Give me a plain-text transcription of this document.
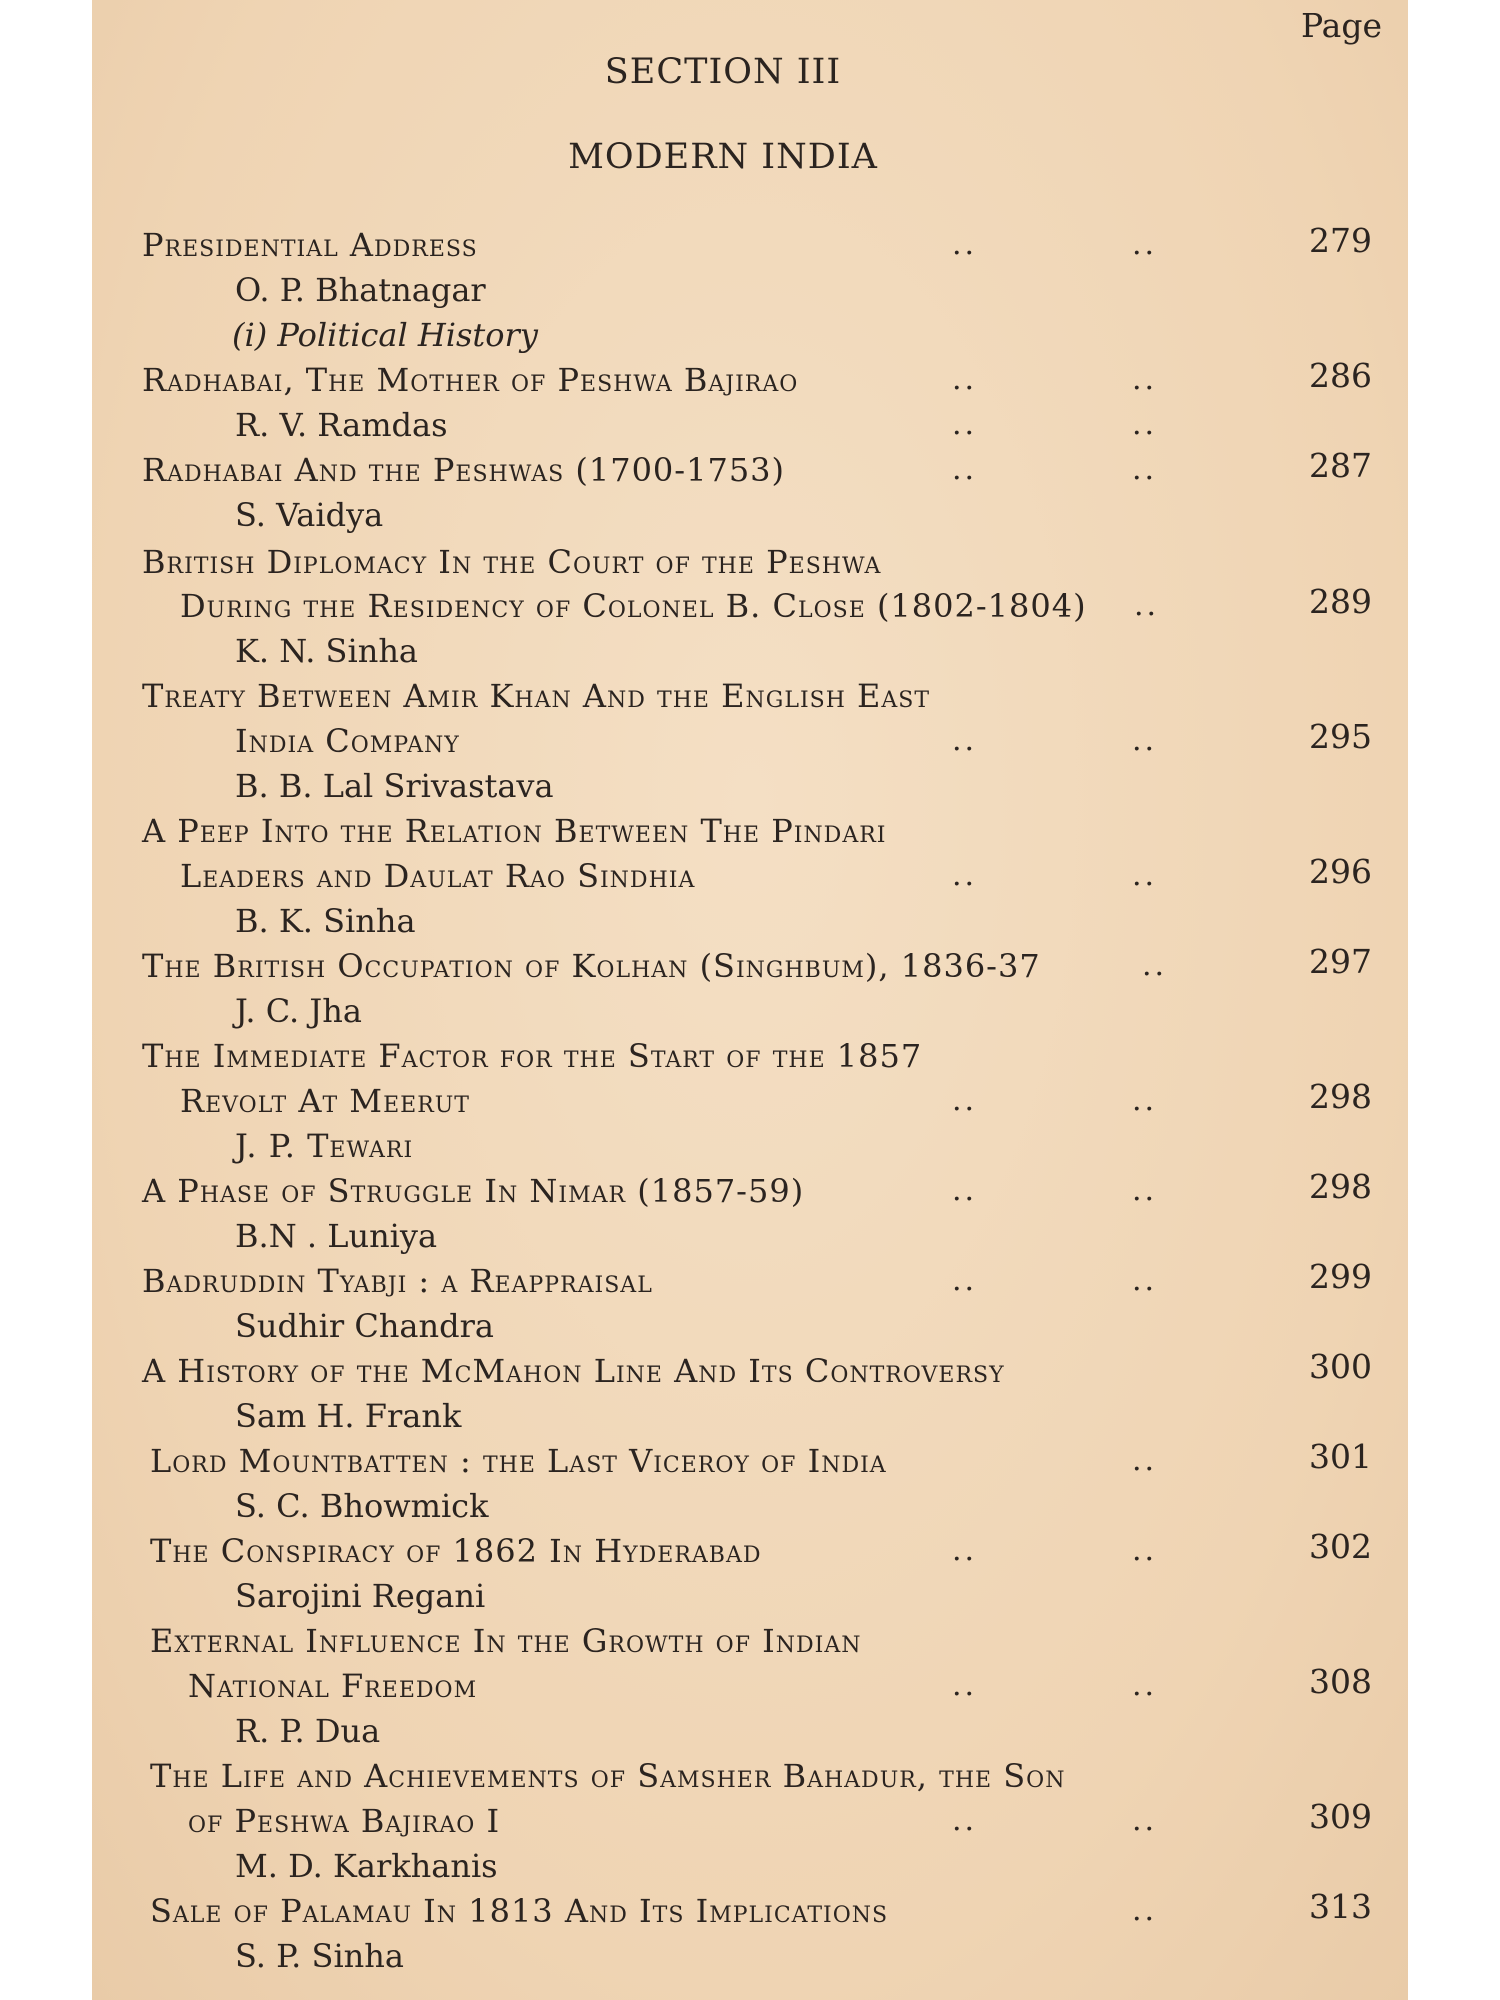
Page
SECTION III
MODERN INDIA
Presidential Address	..	..	279
O. P. Bhatnagar
(i) Political History
Radhabai, The Mother of Peshwa Bajirao	..	..	286
R. V. Ramdas	..	..
Radhabai And the Peshwas (1700-1753)	..	..	287
S. Vaidya
British Diplomacy In the Court of the Peshwa
During the Residency of Colonel B. Close (1802-1804) ..	289
K. N. Sinha
Treaty Between Amir Khan And the English East
India Company	..	..	295
B. B. Lal Srivastava
A Peep Into the Relation Between The Pindari
Leaders and Daulat Rao Sindhia	..	..	296
B. K. Sinha
The British Occupation of Kolhan (Singhbum), 1836-37	..	297
J. C. Jha
The Immediate Factor for the Start of the 1857
Revolt At Meerut	..	..	298
J. P. Tewari
A Phase of Struggle In Nimar (1857-59)	..	..	298
B.N . Luniya
Badruddin Tyabji : a Reappraisal	..	..	299
Sudhir Chandra
A History of the McMahon Line And Its Controversy	300
Sam H. Frank
Lord Mountbatten : the Last Viceroy of India	..	301
S. C. Bhowmick
The Conspiracy of 1862 In Hyderabad	..	..	302
Sarojini Regani
External Influence In the Growth of Indian
National Freedom	..	..	308
R. P. Dua
The Life and Achievements of Samsher Bahadur, the Son
of Peshwa Bajirao I	..	..	309
M. D. Karkhanis
Sale of Palamau In 1813 And Its Implications	..	313
S. P. Sinha
